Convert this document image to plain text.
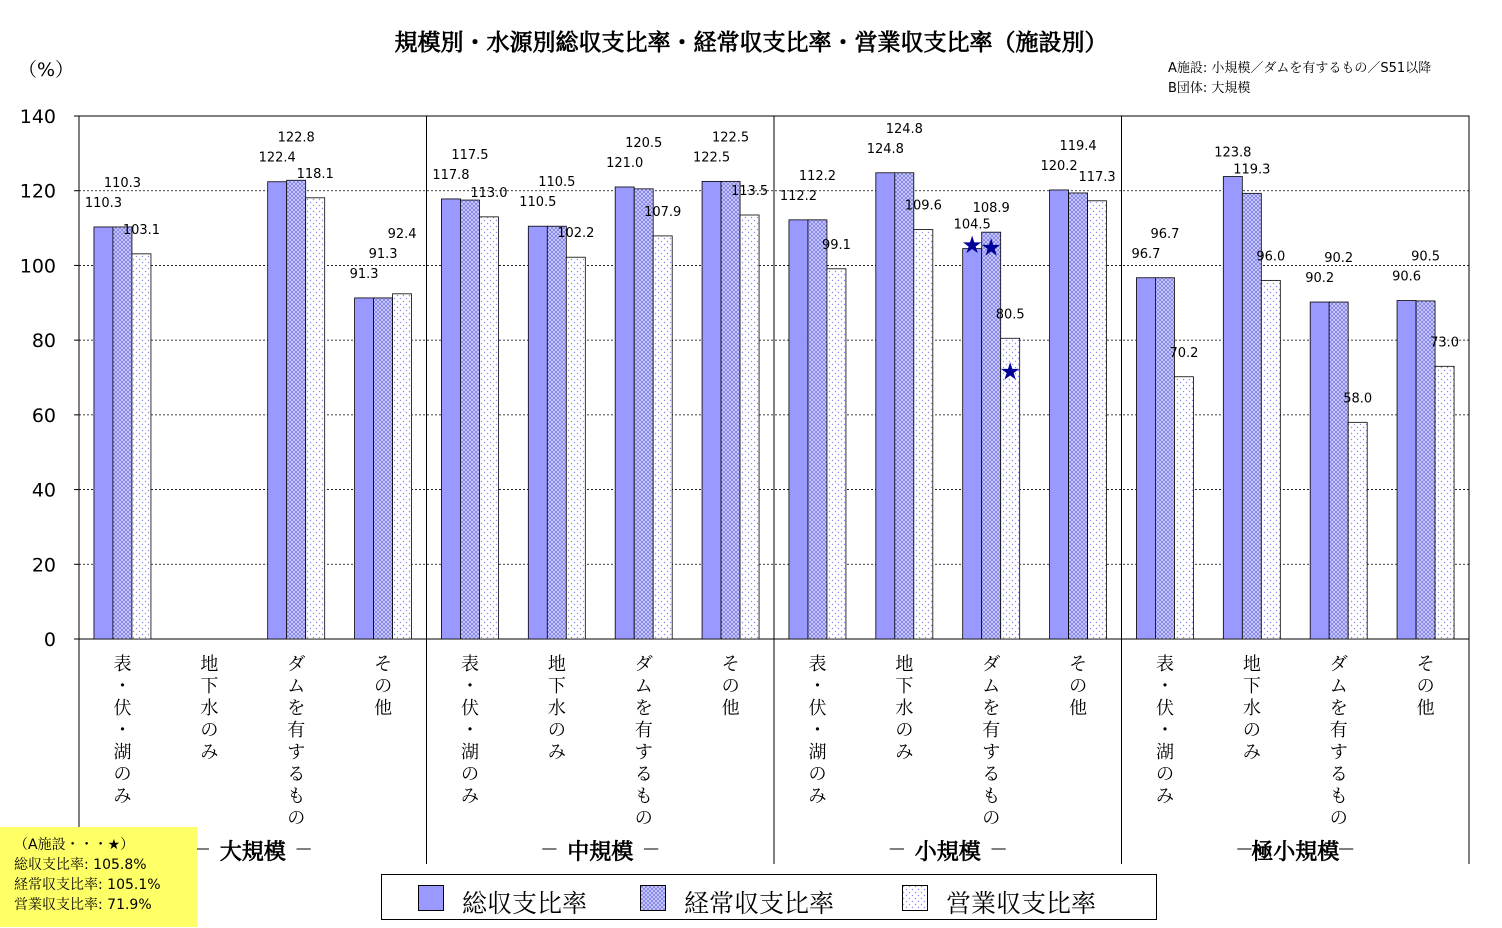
規模別・水源別総収支比率・経常収支比率・営業収支比率（施設別）
（%）	A施設: 小規模／ダムを有するもの／S51以降
B団体: 大規模
0
20
40
60
80
100
120
140
大規模
表
・
伏
・
湖
の
み
110.3
110.3
103.1
地
下
水
の
み
ダ
ム
を
有
す
る
も
の
122.4
122.8
118.1
そ
の
他
91.3
91.3
92.4
中規模
表
・
伏
・
湖
の
み
117.8
117.5
113.0
地
下
水
の
み
110.5
110.5
102.2
ダ
ム
を
有
す
る
も
の
121.0
120.5
107.9
そ
の
他
122.5
122.5
113.5
小規模
表
・
伏
・
湖
の
み
112.2
112.2
99.1
地
下
水
の
み
124.8
124.8
109.6
ダ
ム
を
有
す
る
も
の
104.5
108.9
80.5
そ
の
他
120.2
119.4
117.3
極小規模
表
・
伏
・
湖
の
み
96.7
96.7
70.2
地
下
水
の
み
123.8
119.3
96.0
ダ
ム
を
有
す
る
も
の
90.2
90.2
58.0
そ
の
他
90.6
90.5
73.0
★
★
★
（A施設・・・★）
総収支比率: 105.8%
経常収支比率: 105.1%
営業収支比率: 71.9%	総収支比率	経常収支比率	営業収支比率
